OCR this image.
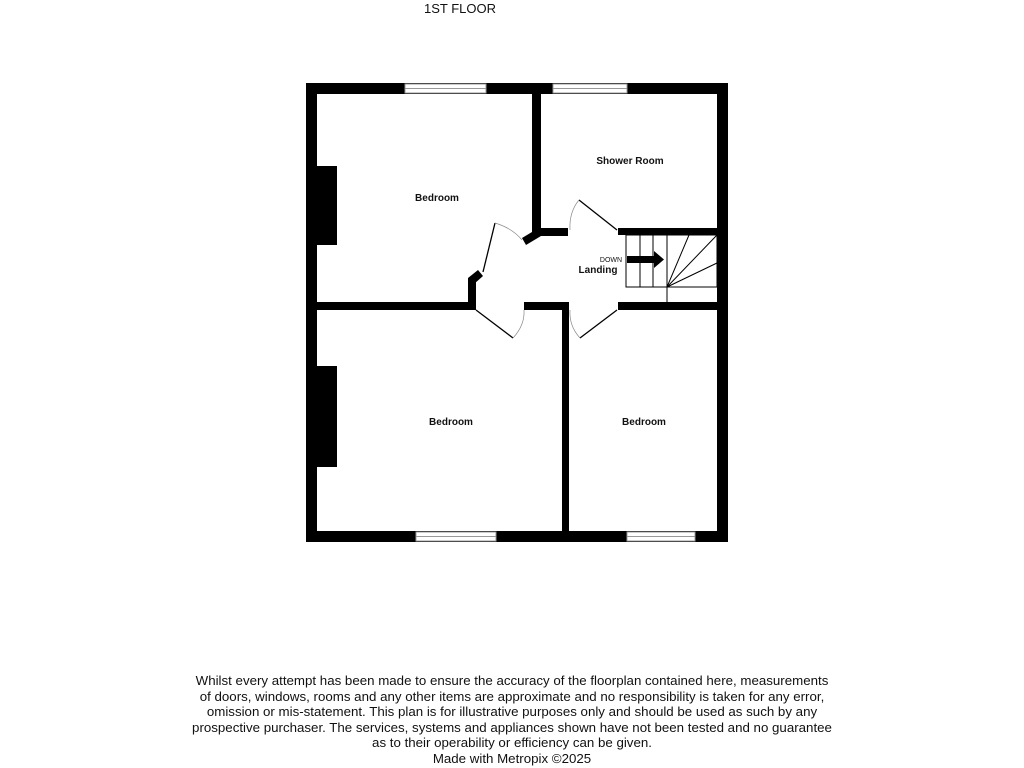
1ST FLOOR
Bedroom
Shower Room
Landing
DOWN
Bedroom	Bedroom
Whilst every attempt has been made to ensure the accuracy of the floorplan contained here, measurements
of doors, windows, rooms and any other items are approximate and no responsibility is taken for any error,
omission or mis-statement. This plan is for illustrative purposes only and should be used as such by any
prospective purchaser. The services, systems and appliances shown have not been tested and no guarantee
as to their operability or efficiency can be given.
Made with Metropix ©2025
